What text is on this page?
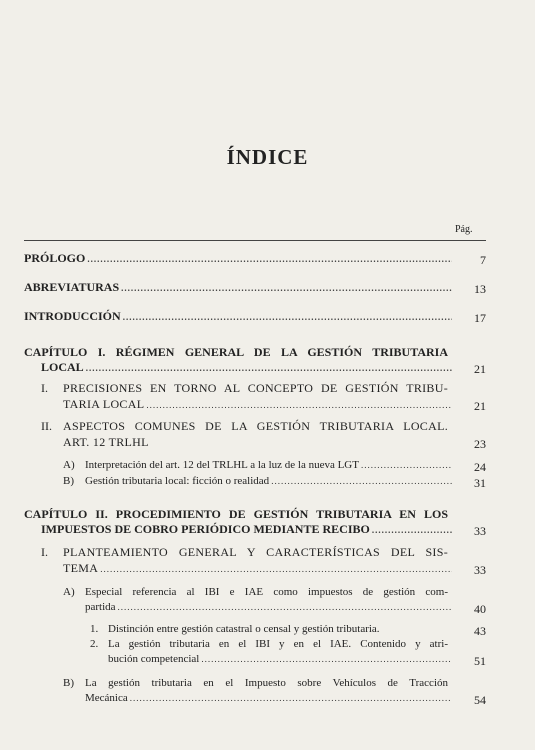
ÍNDICE
Pág.
PRÓLOGO .....	7
ABREVIATURAS .....	13
INTRODUCCIÓN .....	17
CAPÍTULO I. RÉGIMEN GENERAL DE LA GESTIÓN TRIBUTARIA
LOCAL .....	21
I. PRECISIONES EN TORNO AL CONCEPTO DE GESTIÓN TRIBU-
TARIA LOCAL .....	21
II. ASPECTOS COMUNES DE LA GESTIÓN TRIBUTARIA LOCAL.
ART. 12 TRLHL	23
A) Interpretación del art. 12 del TRLHL a la luz de la nueva LGT .....	24
B) Gestión tributaria local: ficción o realidad .....	31
CAPÍTULO II. PROCEDIMIENTO DE GESTIÓN TRIBUTARIA EN LOS
IMPUESTOS DE COBRO PERIÓDICO MEDIANTE RECIBO .....	33
I. PLANTEAMIENTO GENERAL Y CARACTERÍSTICAS DEL SIS-
TEMA .....	33
A) Especial referencia al IBI e IAE como impuestos de gestión com-
partida .....	40
1. Distinción entre gestión catastral o censal y gestión tributaria.	43
2. La gestión tributaria en el IBI y en el IAE. Contenido y atri-
bución competencial .....	51
B) La gestión tributaria en el Impuesto sobre Vehículos de Tracción
Mecánica .....	54
